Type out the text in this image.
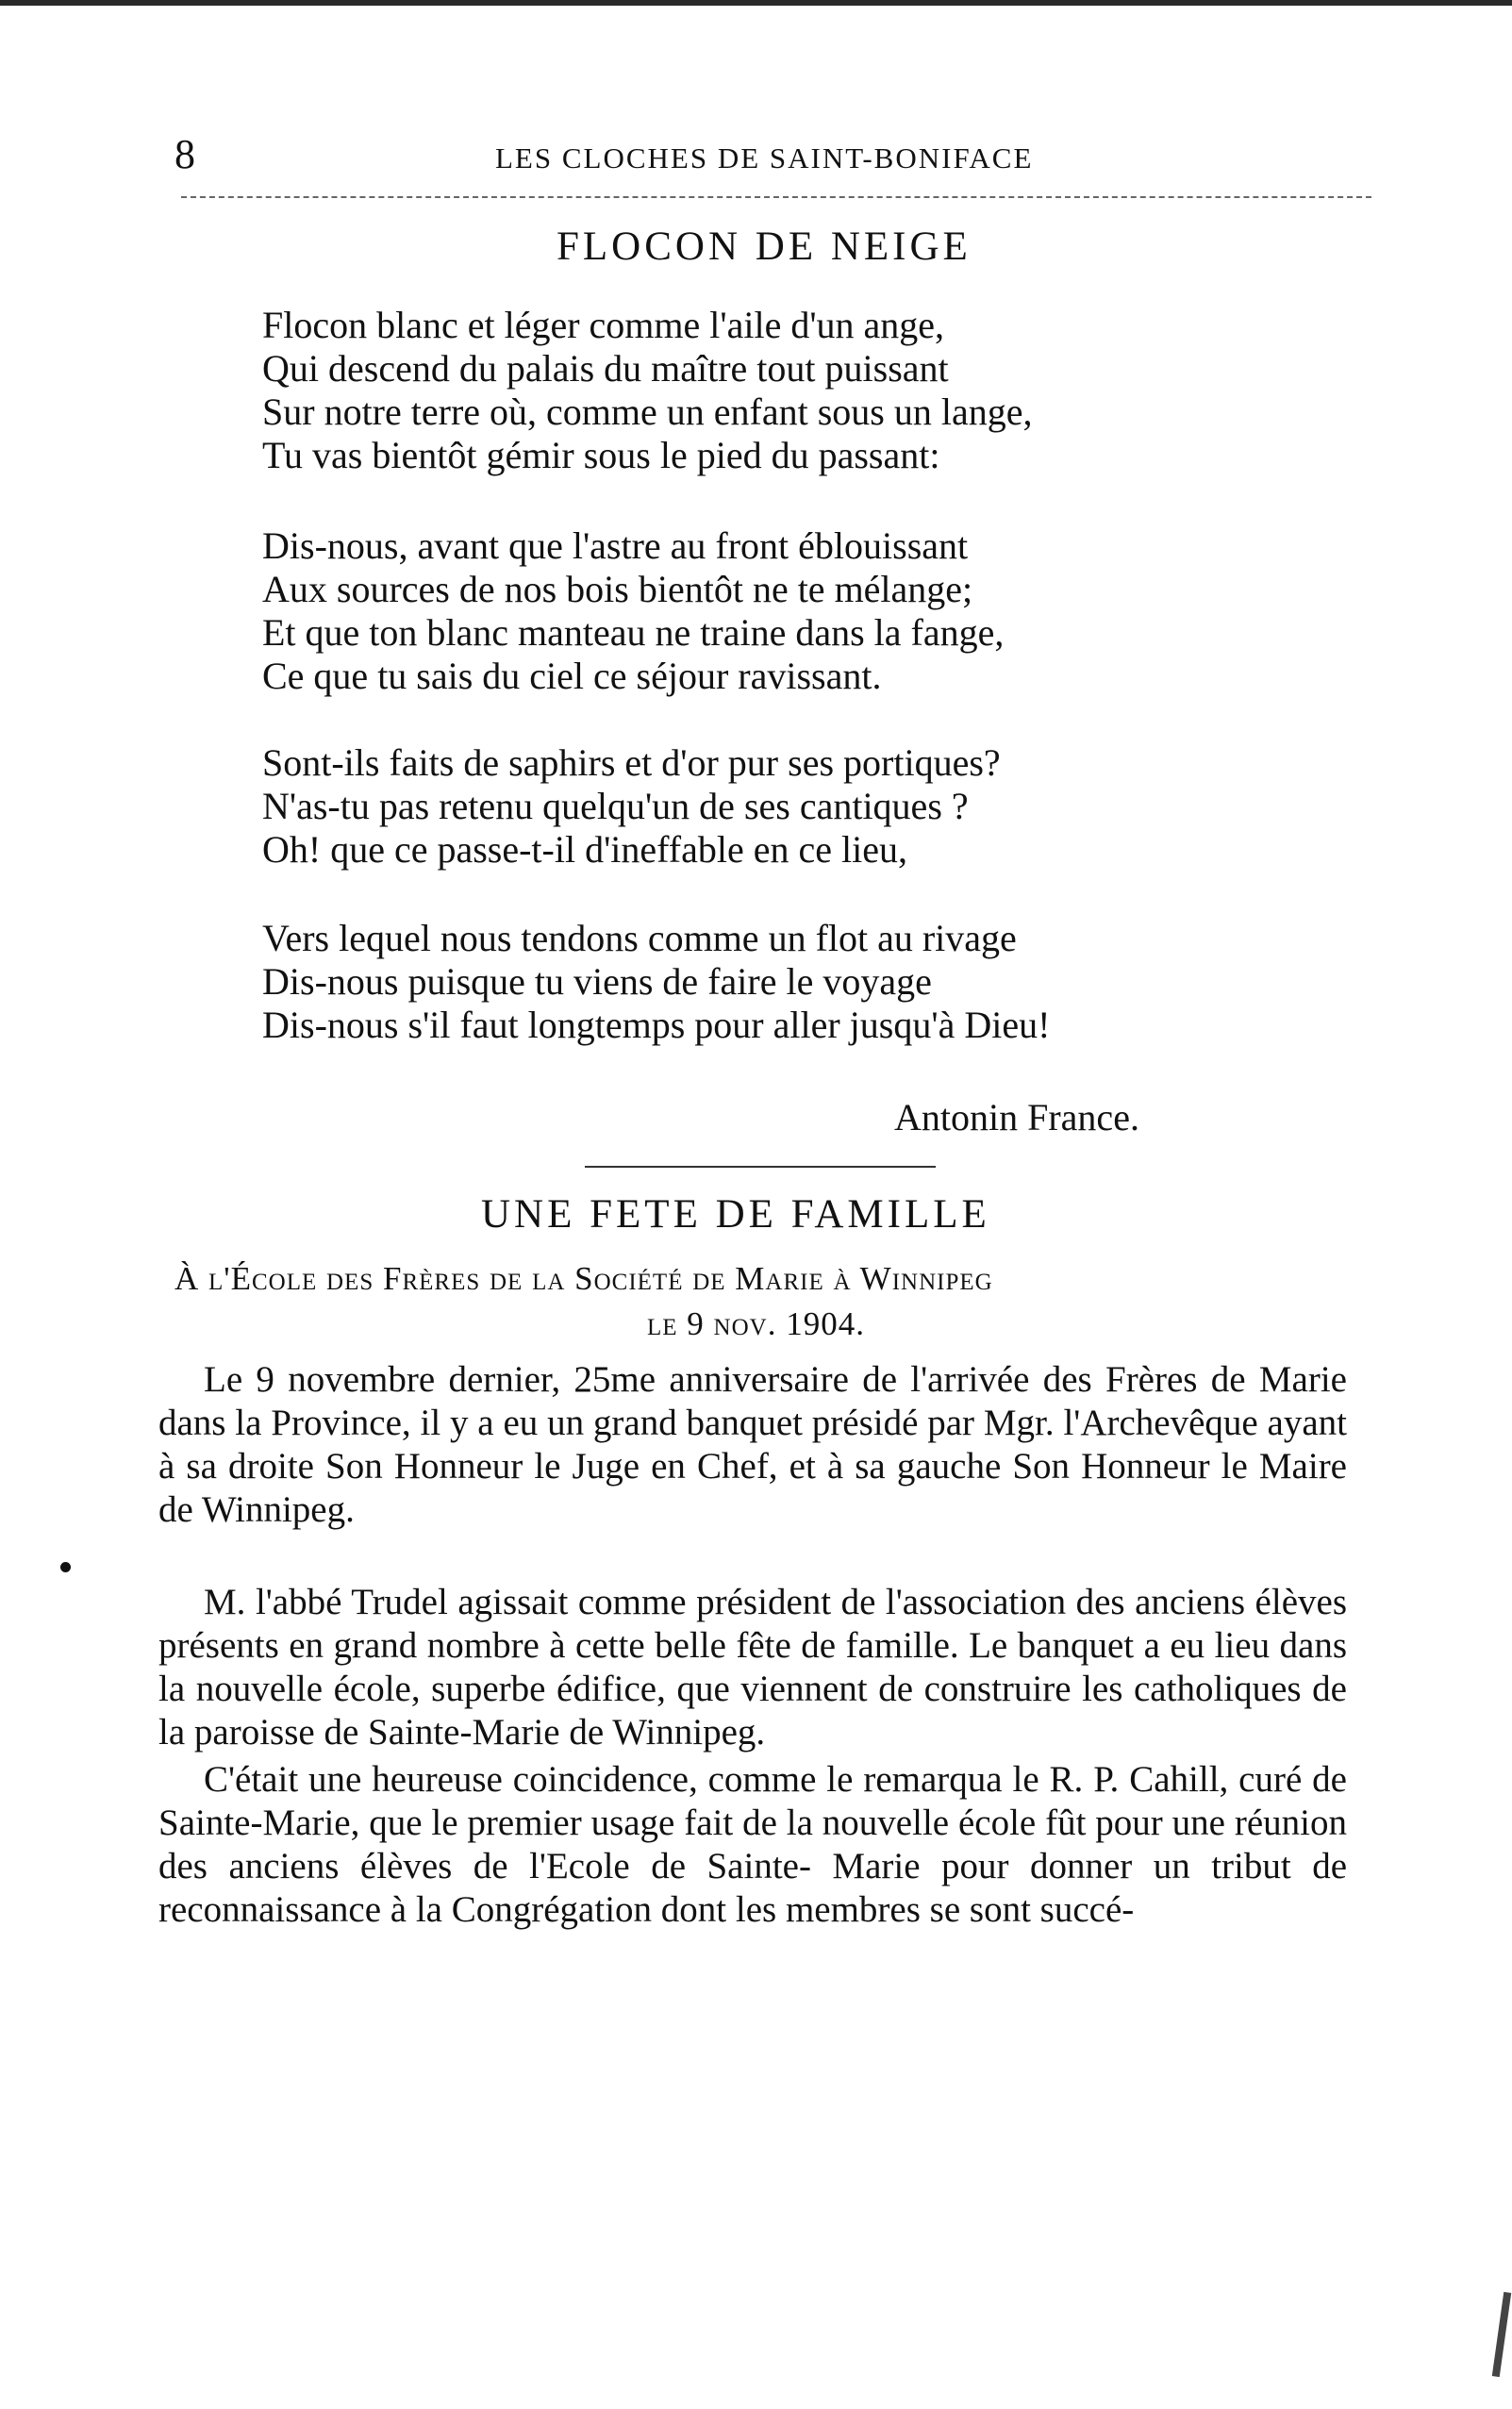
8	LES CLOCHES DE SAINT-BONIFACE
FLOCON DE NEIGE
Flocon blanc et léger comme l'aile d'un ange,
Qui descend du palais du maître tout puissant
Sur notre terre où, comme un enfant sous un lange,
Tu vas bientôt gémir sous le pied du passant:
Dis-nous, avant que l'astre au front éblouissant
Aux sources de nos bois bientôt ne te mélange;
Et que ton blanc manteau ne traine dans la fange,
Ce que tu sais du ciel ce séjour ravissant.
Sont-ils faits de saphirs et d'or pur ses portiques?
N'as-tu pas retenu quelqu'un de ses cantiques ?
Oh! que ce passe-t-il d'ineffable en ce lieu,
Vers lequel nous tendons comme un flot au rivage
Dis-nous puisque tu viens de faire le voyage
Dis-nous s'il faut longtemps pour aller jusqu'à Dieu!
Antonin France.
UNE FETE DE FAMILLE
À l'École des Frères de la Société de Marie à Winnipeg
le 9 nov. 1904.

Le 9 novembre dernier, 25me anniversaire de l'arrivée des Frères de Marie dans la Province, il y a eu un grand banquet présidé par Mgr. l'Archevêque ayant à sa droite Son Honneur le Juge en Chef, et à sa gauche Son Honneur le Maire de Winnipeg.

M. l'abbé Trudel agissait comme président de l'association des anciens élèves présents en grand nombre à cette belle fête de famille. Le banquet a eu lieu dans la nouvelle école, superbe édifice, que viennent de construire les catholiques de la paroisse de Sainte-Marie de Winnipeg.

C'était une heureuse coincidence, comme le remarqua le R. P. Cahill, curé de Sainte-Marie, que le premier usage fait de la nouvelle école fût pour une réunion des anciens élèves de l'Ecole de Sainte- Marie pour donner un tribut de reconnaissance à la Congrégation dont les membres se sont succé-
